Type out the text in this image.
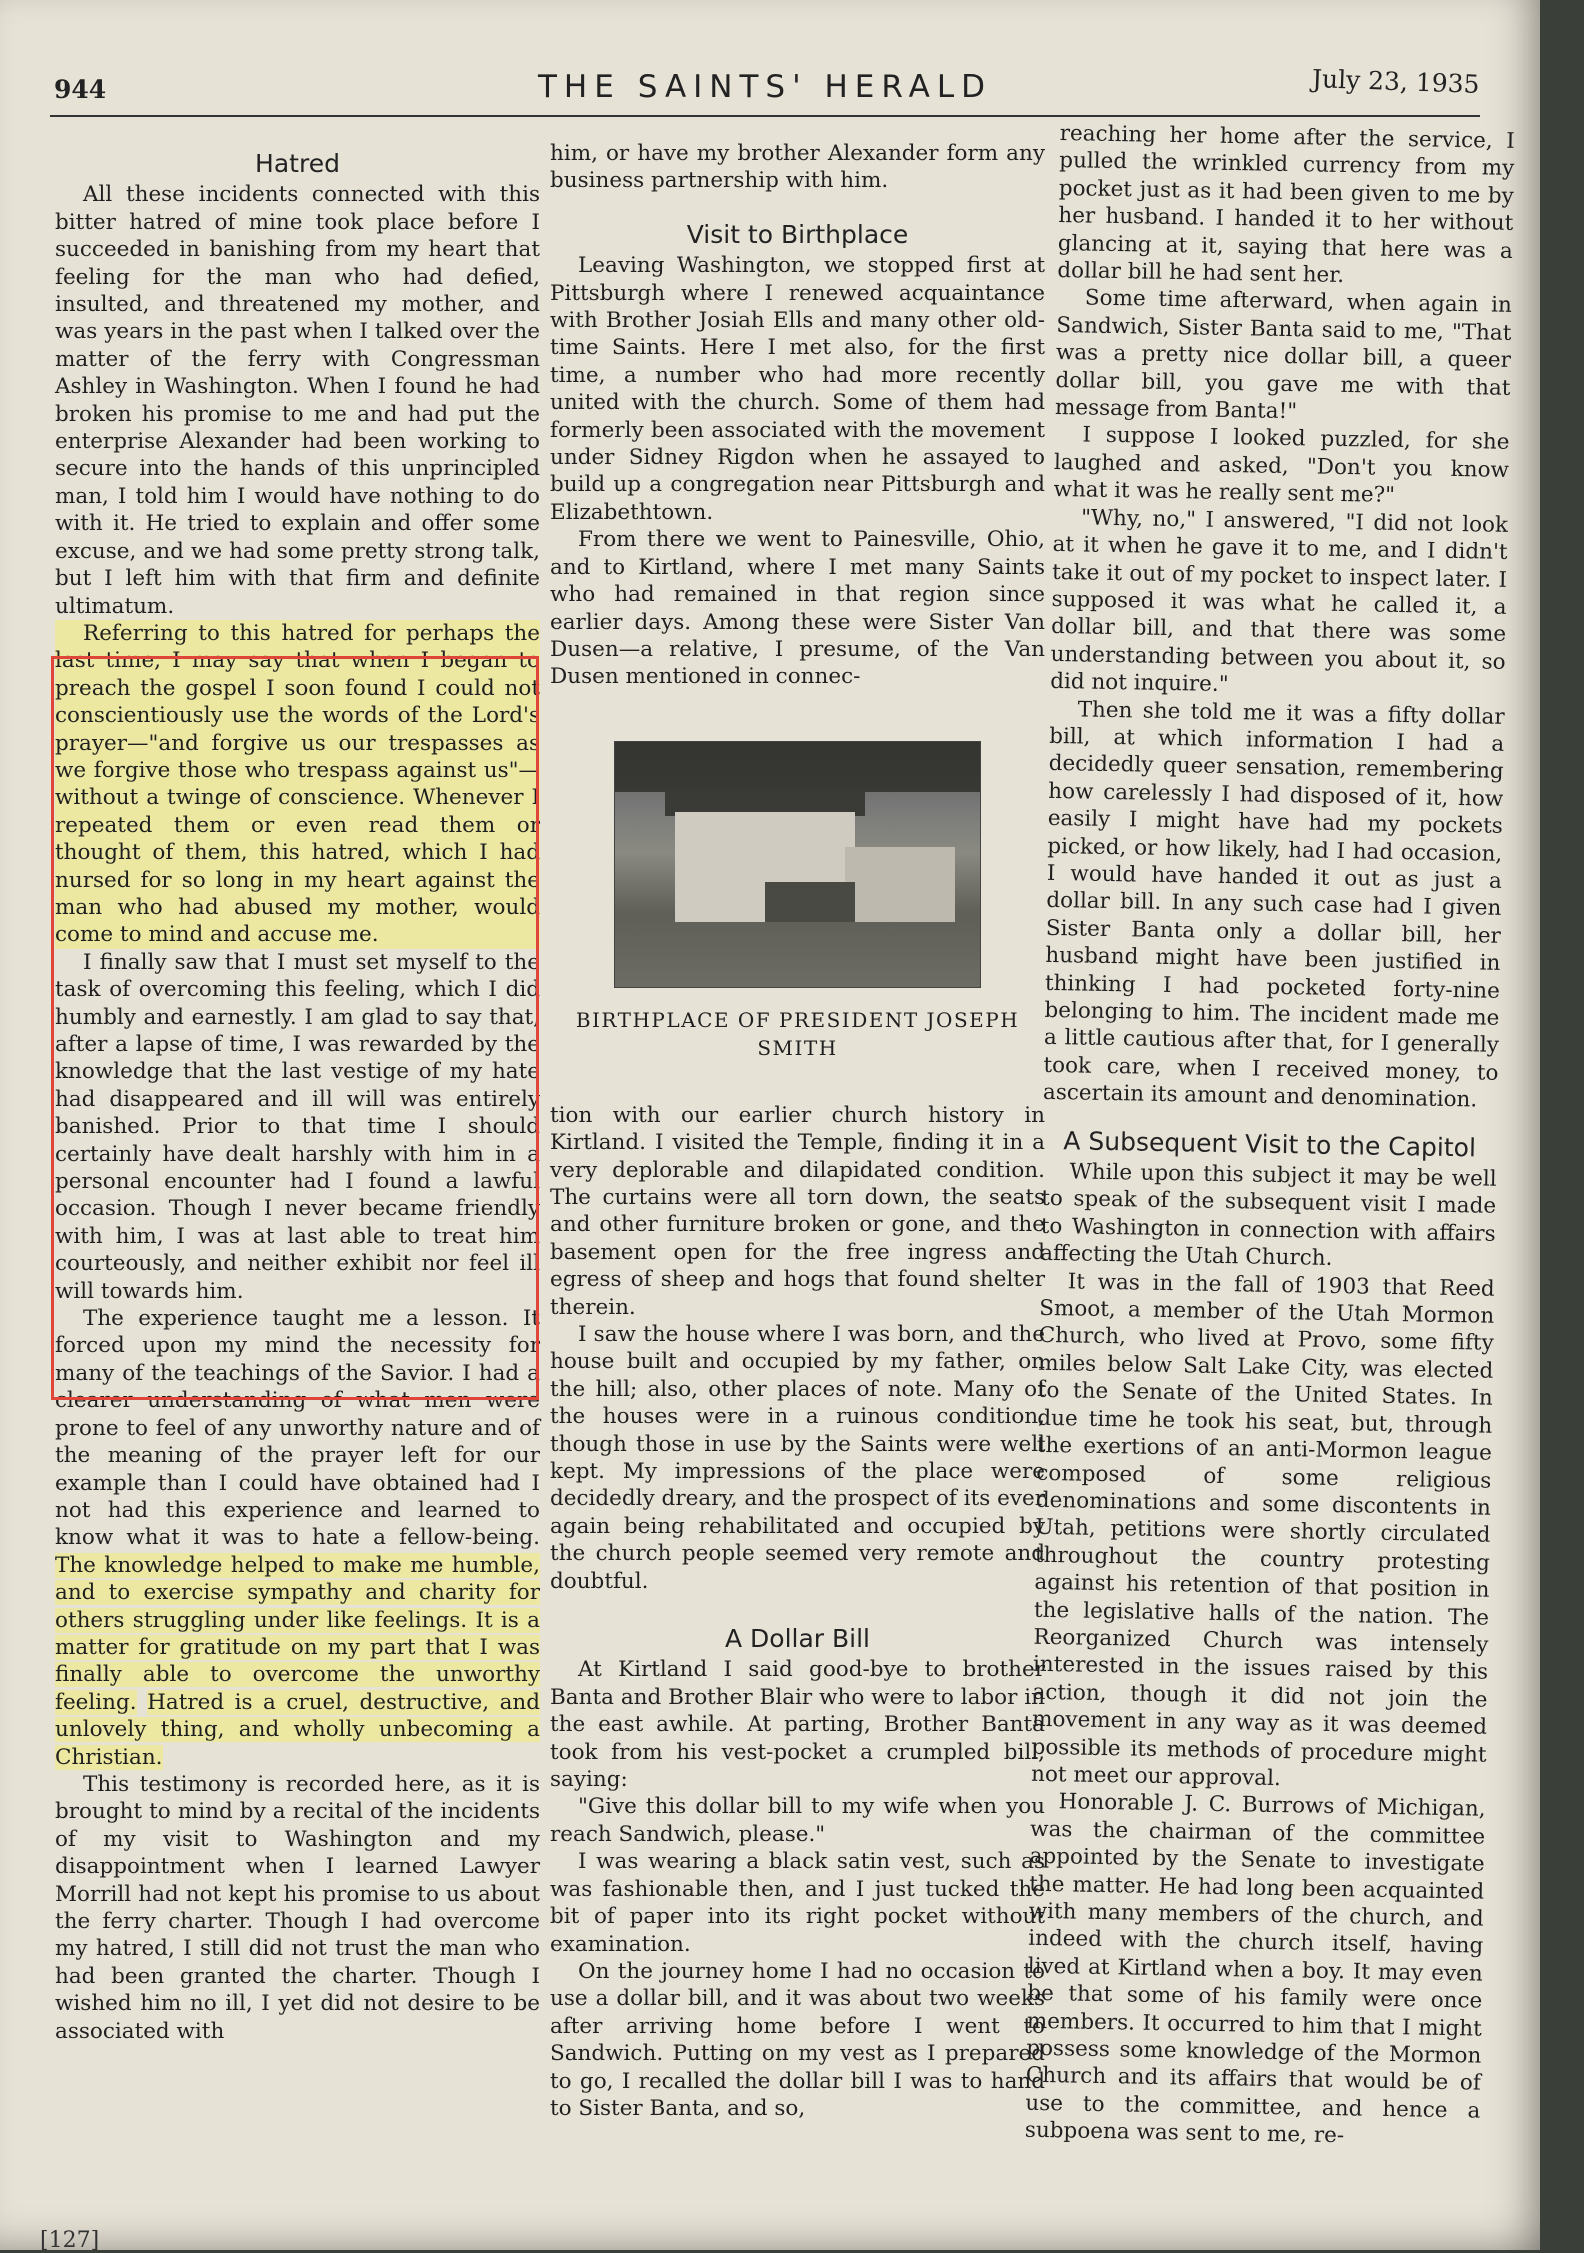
944	THE SAINTS' HERALD	July 23, 1935
Hatred

All these incidents connected with this bitter hatred of mine took place before I succeeded in banishing from my heart that feeling for the man who had defied, insulted, and threatened my mother, and was years in the past when I talked over the matter of the ferry with Congressman Ashley in Washington. When I found he had broken his promise to me and had put the enterprise Alexander had been working to secure into the hands of this unprincipled man, I told him I would have nothing to do with it. He tried to explain and offer some excuse, and we had some pretty strong talk, but I left him with that firm and definite ultimatum.

Referring to this hatred for perhaps the last time, I may say that when I began to preach the gospel I soon found I could not conscientiously use the words of the Lord's prayer—"and forgive us our trespasses as we forgive those who trespass against us"—without a twinge of conscience. Whenever I repeated them or even read them or thought of them, this hatred, which I had nursed for so long in my heart against the man who had abused my mother, would come to mind and accuse me.

I finally saw that I must set myself to the task of overcoming this feeling, which I did humbly and earnestly. I am glad to say that, after a lapse of time, I was rewarded by the knowledge that the last vestige of my hate had disappeared and ill will was entirely banished. Prior to that time I should certainly have dealt harshly with him in a personal encounter had I found a lawful occasion. Though I never became friendly with him, I was at last able to treat him courteously, and neither exhibit nor feel ill will towards him.

The experience taught me a lesson. It forced upon my mind the necessity for many of the teachings of the Savior. I had a clearer understanding of what men were prone to feel of any unworthy nature and of the meaning of the prayer left for our example than I could have obtained had I not had this experience and learned to know what it was to hate a fellow-being. The knowledge helped to make me humble, and to exercise sympathy and charity for others struggling under like feelings. It is a matter for gratitude on my part that I was finally able to overcome the unworthy feeling. Hatred is a cruel, destructive, and unlovely thing, and wholly unbecoming a Christian.

This testimony is recorded here, as it is brought to mind by a recital of the incidents of my visit to Washington and my disappointment when I learned Lawyer Morrill had not kept his promise to us about the ferry charter. Though I had overcome my hatred, I still did not trust the man who had been granted the charter. Though I wished him no ill, I yet did not desire to be associated with

him, or have my brother Alexander form any business partnership with him.

Visit to Birthplace

Leaving Washington, we stopped first at Pittsburgh where I renewed acquaintance with Brother Josiah Ells and many other old-time Saints. Here I met also, for the first time, a number who had more recently united with the church. Some of them had formerly been associated with the movement under Sidney Rigdon when he assayed to build up a congregation near Pittsburgh and Elizabethtown.

From there we went to Painesville, Ohio, and to Kirtland, where I met many Saints who had remained in that region since earlier days. Among these were Sister Van Dusen—a relative, I presume, of the Van Dusen mentioned in connec-

BIRTHPLACE OF PRESIDENT JOSEPH SMITH

tion with our earlier church history in Kirtland. I visited the Temple, finding it in a very deplorable and dilapidated condition. The curtains were all torn down, the seats and other furniture broken or gone, and the basement open for the free ingress and egress of sheep and hogs that found shelter therein.

I saw the house where I was born, and the house built and occupied by my father, on the hill; also, other places of note. Many of the houses were in a ruinous condition, though those in use by the Saints were well kept. My impressions of the place were decidedly dreary, and the prospect of its ever again being rehabilitated and occupied by the church people seemed very remote and doubtful.

A Dollar Bill

At Kirtland I said good-bye to brother Banta and Brother Blair who were to labor in the east awhile. At parting, Brother Banta took from his vest-pocket a crumpled bill, saying:

"Give this dollar bill to my wife when you reach Sandwich, please."

I was wearing a black satin vest, such as was fashionable then, and I just tucked the bit of paper into its right pocket without examination.

On the journey home I had no occasion to use a dollar bill, and it was about two weeks after arriving home before I went to Sandwich. Putting on my vest as I prepared to go, I recalled the dollar bill I was to hand to Sister Banta, and so,

reaching her home after the service, I pulled the wrinkled currency from my pocket just as it had been given to me by her husband. I handed it to her without glancing at it, saying that here was a dollar bill he had sent her.

Some time afterward, when again in Sandwich, Sister Banta said to me, "That was a pretty nice dollar bill, a queer dollar bill, you gave me with that message from Banta!"

I suppose I looked puzzled, for she laughed and asked, "Don't you know what it was he really sent me?"

"Why, no," I answered, "I did not look at it when he gave it to me, and I didn't take it out of my pocket to inspect later. I supposed it was what he called it, a dollar bill, and that there was some understanding between you about it, so did not inquire."

Then she told me it was a fifty dollar bill, at which information I had a decidedly queer sensation, remembering how carelessly I had disposed of it, how easily I might have had my pockets picked, or how likely, had I had occasion, I would have handed it out as just a dollar bill. In any such case had I given Sister Banta only a dollar bill, her husband might have been justified in thinking I had pocketed forty-nine belonging to him. The incident made me a little cautious after that, for I generally took care, when I received money, to ascertain its amount and denomination.

A Subsequent Visit to the Capitol

While upon this subject it may be well to speak of the subsequent visit I made to Washington in connection with affairs affecting the Utah Church.

It was in the fall of 1903 that Reed Smoot, a member of the Utah Mormon Church, who lived at Provo, some fifty miles below Salt Lake City, was elected to the Senate of the United States. In due time he took his seat, but, through the exertions of an anti-Mormon league composed of some religious denominations and some discontents in Utah, petitions were shortly circulated throughout the country protesting against his retention of that position in the legislative halls of the nation. The Reorganized Church was intensely interested in the issues raised by this action, though it did not join the movement in any way as it was deemed possible its methods of procedure might not meet our approval.

Honorable J. C. Burrows of Michigan, was the chairman of the committee appointed by the Senate to investigate the matter. He had long been acquainted with many members of the church, and indeed with the church itself, having lived at Kirtland when a boy. It may even be that some of his family were once members. It occurred to him that I might possess some knowledge of the Mormon Church and its affairs that would be of use to the committee, and hence a subpoena was sent to me, re-

[127]
